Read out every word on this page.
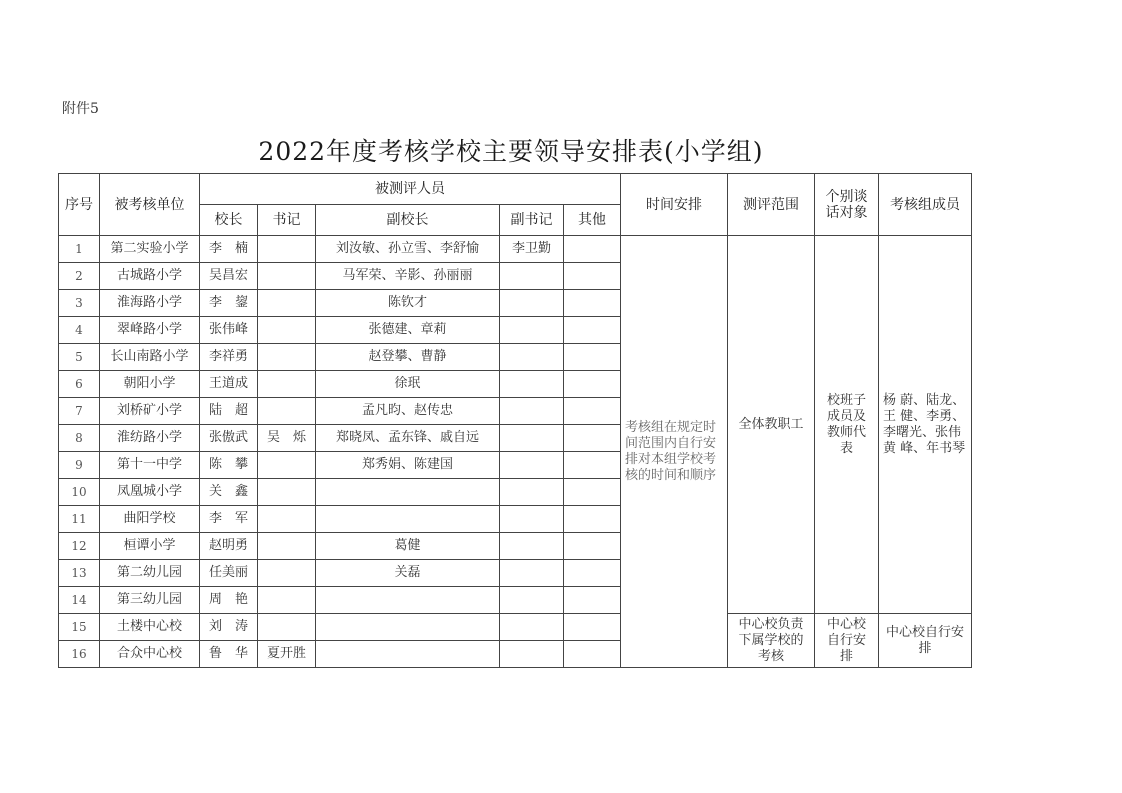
附件5
2022年度考核学校主要领导安排表(小学组)
序号	被考核单位	被测评人员					时间安排	测评范围	个别谈话对象	考核组成员
		校长	书记	副校长	副书记	其他				
1	第二实验小学	李　楠		刘汝敏、孙立雪、李舒愉	李卫勤		考核组在规定时间范围内自行安排对本组学校考核的时间和顺序	全体教职工	校班子成员及教师代表	杨 蔚、陆龙、王 健、李勇、李曙光、张伟黄 峰、年书琴
2	古城路小学	吴昌宏		马军荣、辛影、孙丽丽						
3	淮海路小学	李　鋆		陈钦才						
4	翠峰路小学	张伟峰		张德建、章莉						
5	长山南路小学	李祥勇		赵登攀、曹静						
6	朝阳小学	王道成		徐珉						
7	刘桥矿小学	陆　超		孟凡昀、赵传忠						
8	淮纺路小学	张傲武	吴　烁	郑晓凤、孟东锋、戚自远						
9	第十一中学	陈　攀		郑秀娟、陈建国						
10	凤凰城小学	关　鑫								
11	曲阳学校	李　军								
12	桓谭小学	赵明勇		葛健						
13	第二幼儿园	任美丽		关磊						
14	第三幼儿园	周　艳								
15	土楼中心校	刘　涛						中心校负责下属学校的考核	中心校自行安排	中心校自行安排
16	合众中心校	鲁　华	夏开胜							
